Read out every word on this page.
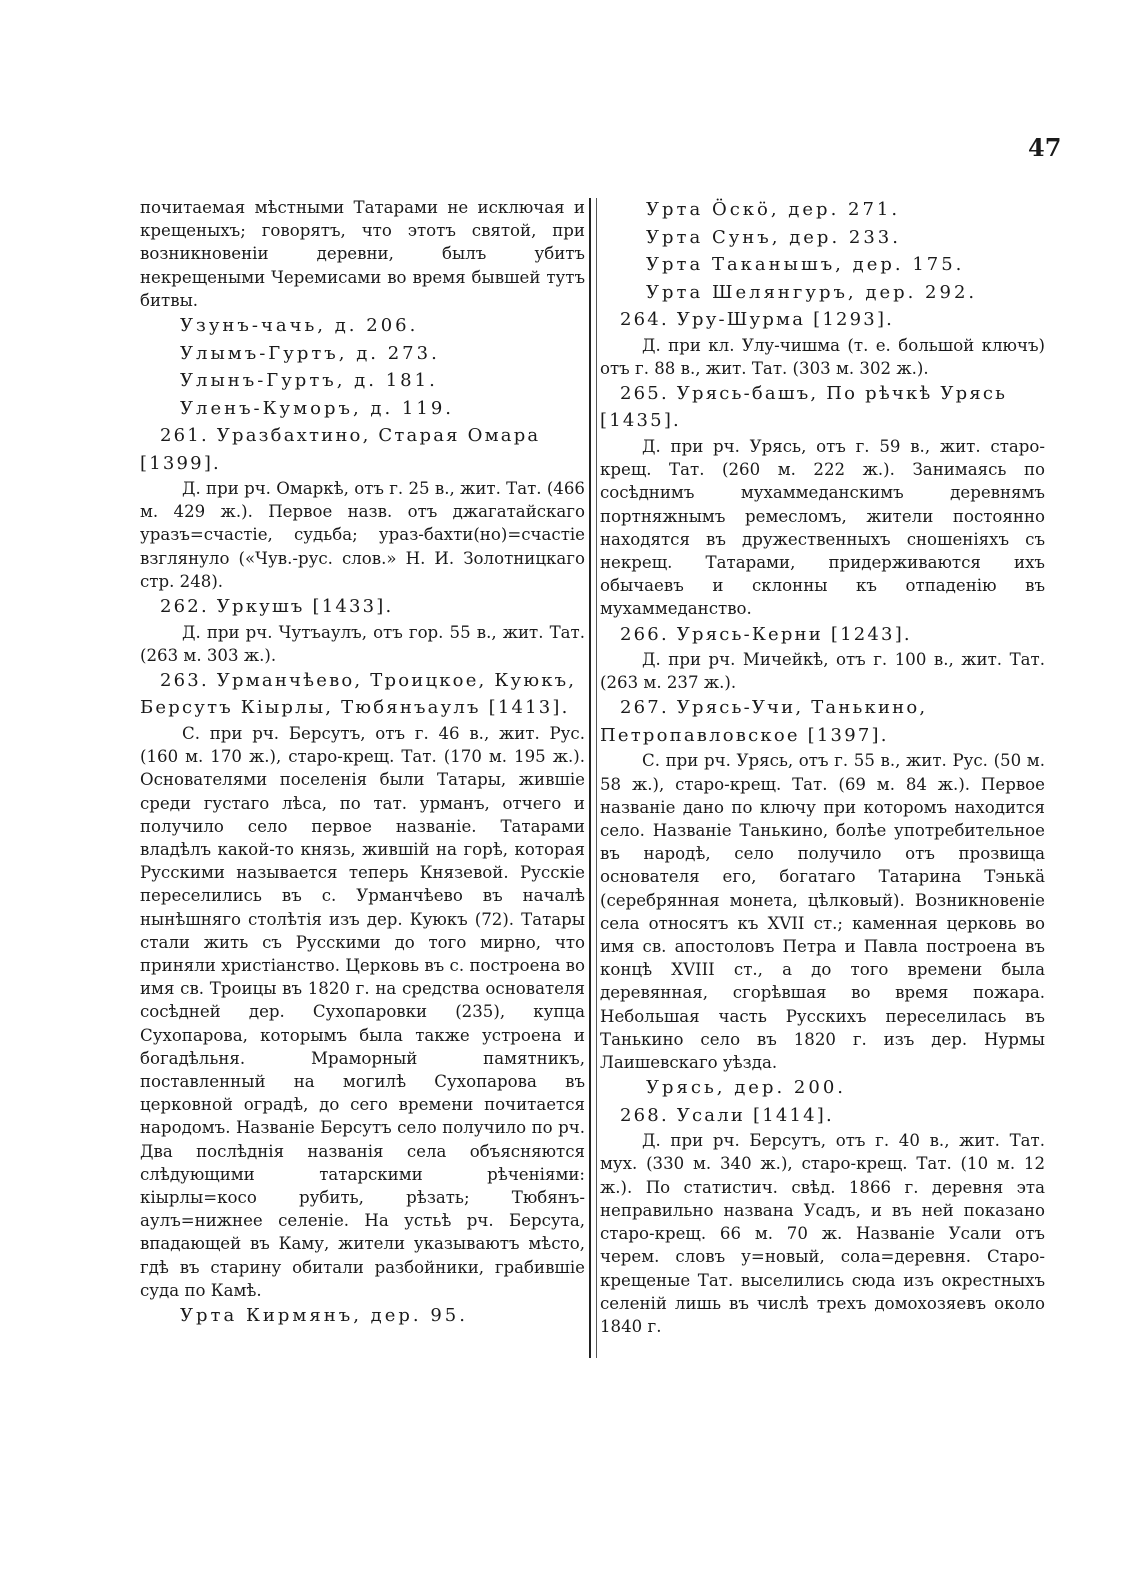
47

почитаемая мѣстными Татарами не исключая и крещеныхъ; говорятъ, что этотъ святой, при возникновеніи деревни, былъ убитъ некрещеными Черемисами во время бывшей тутъ битвы.

Узунъ-чачь, д. 206.

Улымъ-Гуртъ, д. 273.

Улынъ-Гуртъ, д. 181.

Уленъ-Куморъ, д. 119.

261. Уразбахтино, Старая Омара [1399].

Д. при рч. Омаркѣ, отъ г. 25 в., жит. Тат. (466 м. 429 ж.). Первое назв. отъ джагатайскаго уразъ=счастіе, судьба; ураз-бахти(но)=счастіе взглянуло («Чув.-рус. слов.» Н. И. Золотницкаго стр. 248).

262. Уркушъ [1433].

Д. при рч. Чутъаулъ, отъ гор. 55 в., жит. Тат. (263 м. 303 ж.).

263. Урманчѣево, Троицкое, Куюкъ, Берсутъ Кіырлы, Тюбянъаулъ [1413].

С. при рч. Берсутъ, отъ г. 46 в., жит. Рус. (160 м. 170 ж.), старо-крещ. Тат. (170 м. 195 ж.). Основателями поселенія были Татары, жившіе среди густаго лѣса, по тат. урманъ, отчего и получило село первое названіе. Татарами владѣлъ какой-то князь, жившій на горѣ, которая Русскими называется теперь Князевой. Русскіе переселились въ с. Урманчѣево въ началѣ нынѣшняго столѣтія изъ дер. Куюкъ (72). Татары стали жить съ Русскими до того мирно, что приняли христіанство. Церковь въ с. построена во имя св. Троицы въ 1820 г. на средства основателя сосѣдней дер. Сухопаровки (235), купца Сухопарова, которымъ была также устроена и богадѣльня. Мраморный памятникъ, поставленный на могилѣ Сухопарова въ церковной оградѣ, до сего времени почитается народомъ. Названіе Берсутъ село получило по рч. Два послѣднія названія села объясняются слѣдующими татарскими рѣченіями: кіырлы=косо рубить, рѣзать; Тюбянъ-аулъ=нижнее селеніе. На устьѣ рч. Берсута, впадающей въ Каму, жители указываютъ мѣсто, гдѣ въ старину обитали разбойники, грабившіе суда по Камѣ.

Урта Кирмянъ, дер. 95.

Урта Ӧскӧ, дер. 271.

Урта Сунъ, дер. 233.

Урта Таканышъ, дер. 175.

Урта Шелянгуръ, дер. 292.

264. Уру-Шурма [1293].

Д. при кл. Улу-чишма (т. е. большой ключъ) отъ г. 88 в., жит. Тат. (303 м. 302 ж.).

265. Урясь-башъ, По рѣчкѣ Урясь [1435].

Д. при рч. Урясь, отъ г. 59 в., жит. старо-крещ. Тат. (260 м. 222 ж.). Занимаясь по сосѣднимъ мухаммеданскимъ деревнямъ портняжнымъ ремесломъ, жители постоянно находятся въ дружественныхъ сношеніяхъ съ некрещ. Татарами, придерживаются ихъ обычаевъ и склонны къ отпаденію въ мухаммеданство.

266. Урясь-Керни [1243].

Д. при рч. Мичейкѣ, отъ г. 100 в., жит. Тат. (263 м. 237 ж.).

267. Урясь-Учи, Танькино, Петропавловское [1397].

С. при рч. Урясь, отъ г. 55 в., жит. Рус. (50 м. 58 ж.), старо-крещ. Тат. (69 м. 84 ж.). Первое названіе дано по ключу при которомъ находится село. Названіе Танькино, болѣе употребительное въ народѣ, село получило отъ прозвища основателя его, богатаго Татарина Тэнькӓ (серебрянная монета, цѣлковый). Возникновеніе села относятъ къ XVII ст.; каменная церковь во имя св. апостоловъ Петра и Павла построена въ концѣ XVIII ст., а до того времени была деревянная, сгорѣвшая во время пожара. Небольшая часть Русскихъ переселилась въ Танькино село въ 1820 г. изъ дер. Нурмы Лаишевскаго уѣзда.

Урясь, дер. 200.

268. Усали [1414].

Д. при рч. Берсутъ, отъ г. 40 в., жит. Тат. мух. (330 м. 340 ж.), старо-крещ. Тат. (10 м. 12 ж.). По статистич. свѣд. 1866 г. деревня эта неправильно названа Усадъ, и въ ней показано старо-крещ. 66 м. 70 ж. Названіе Усали отъ черем. словъ у=новый, сола=деревня. Старо-крещеные Тат. выселились сюда изъ окрестныхъ селеній лишь въ числѣ трехъ домохозяевъ около 1840 г.
